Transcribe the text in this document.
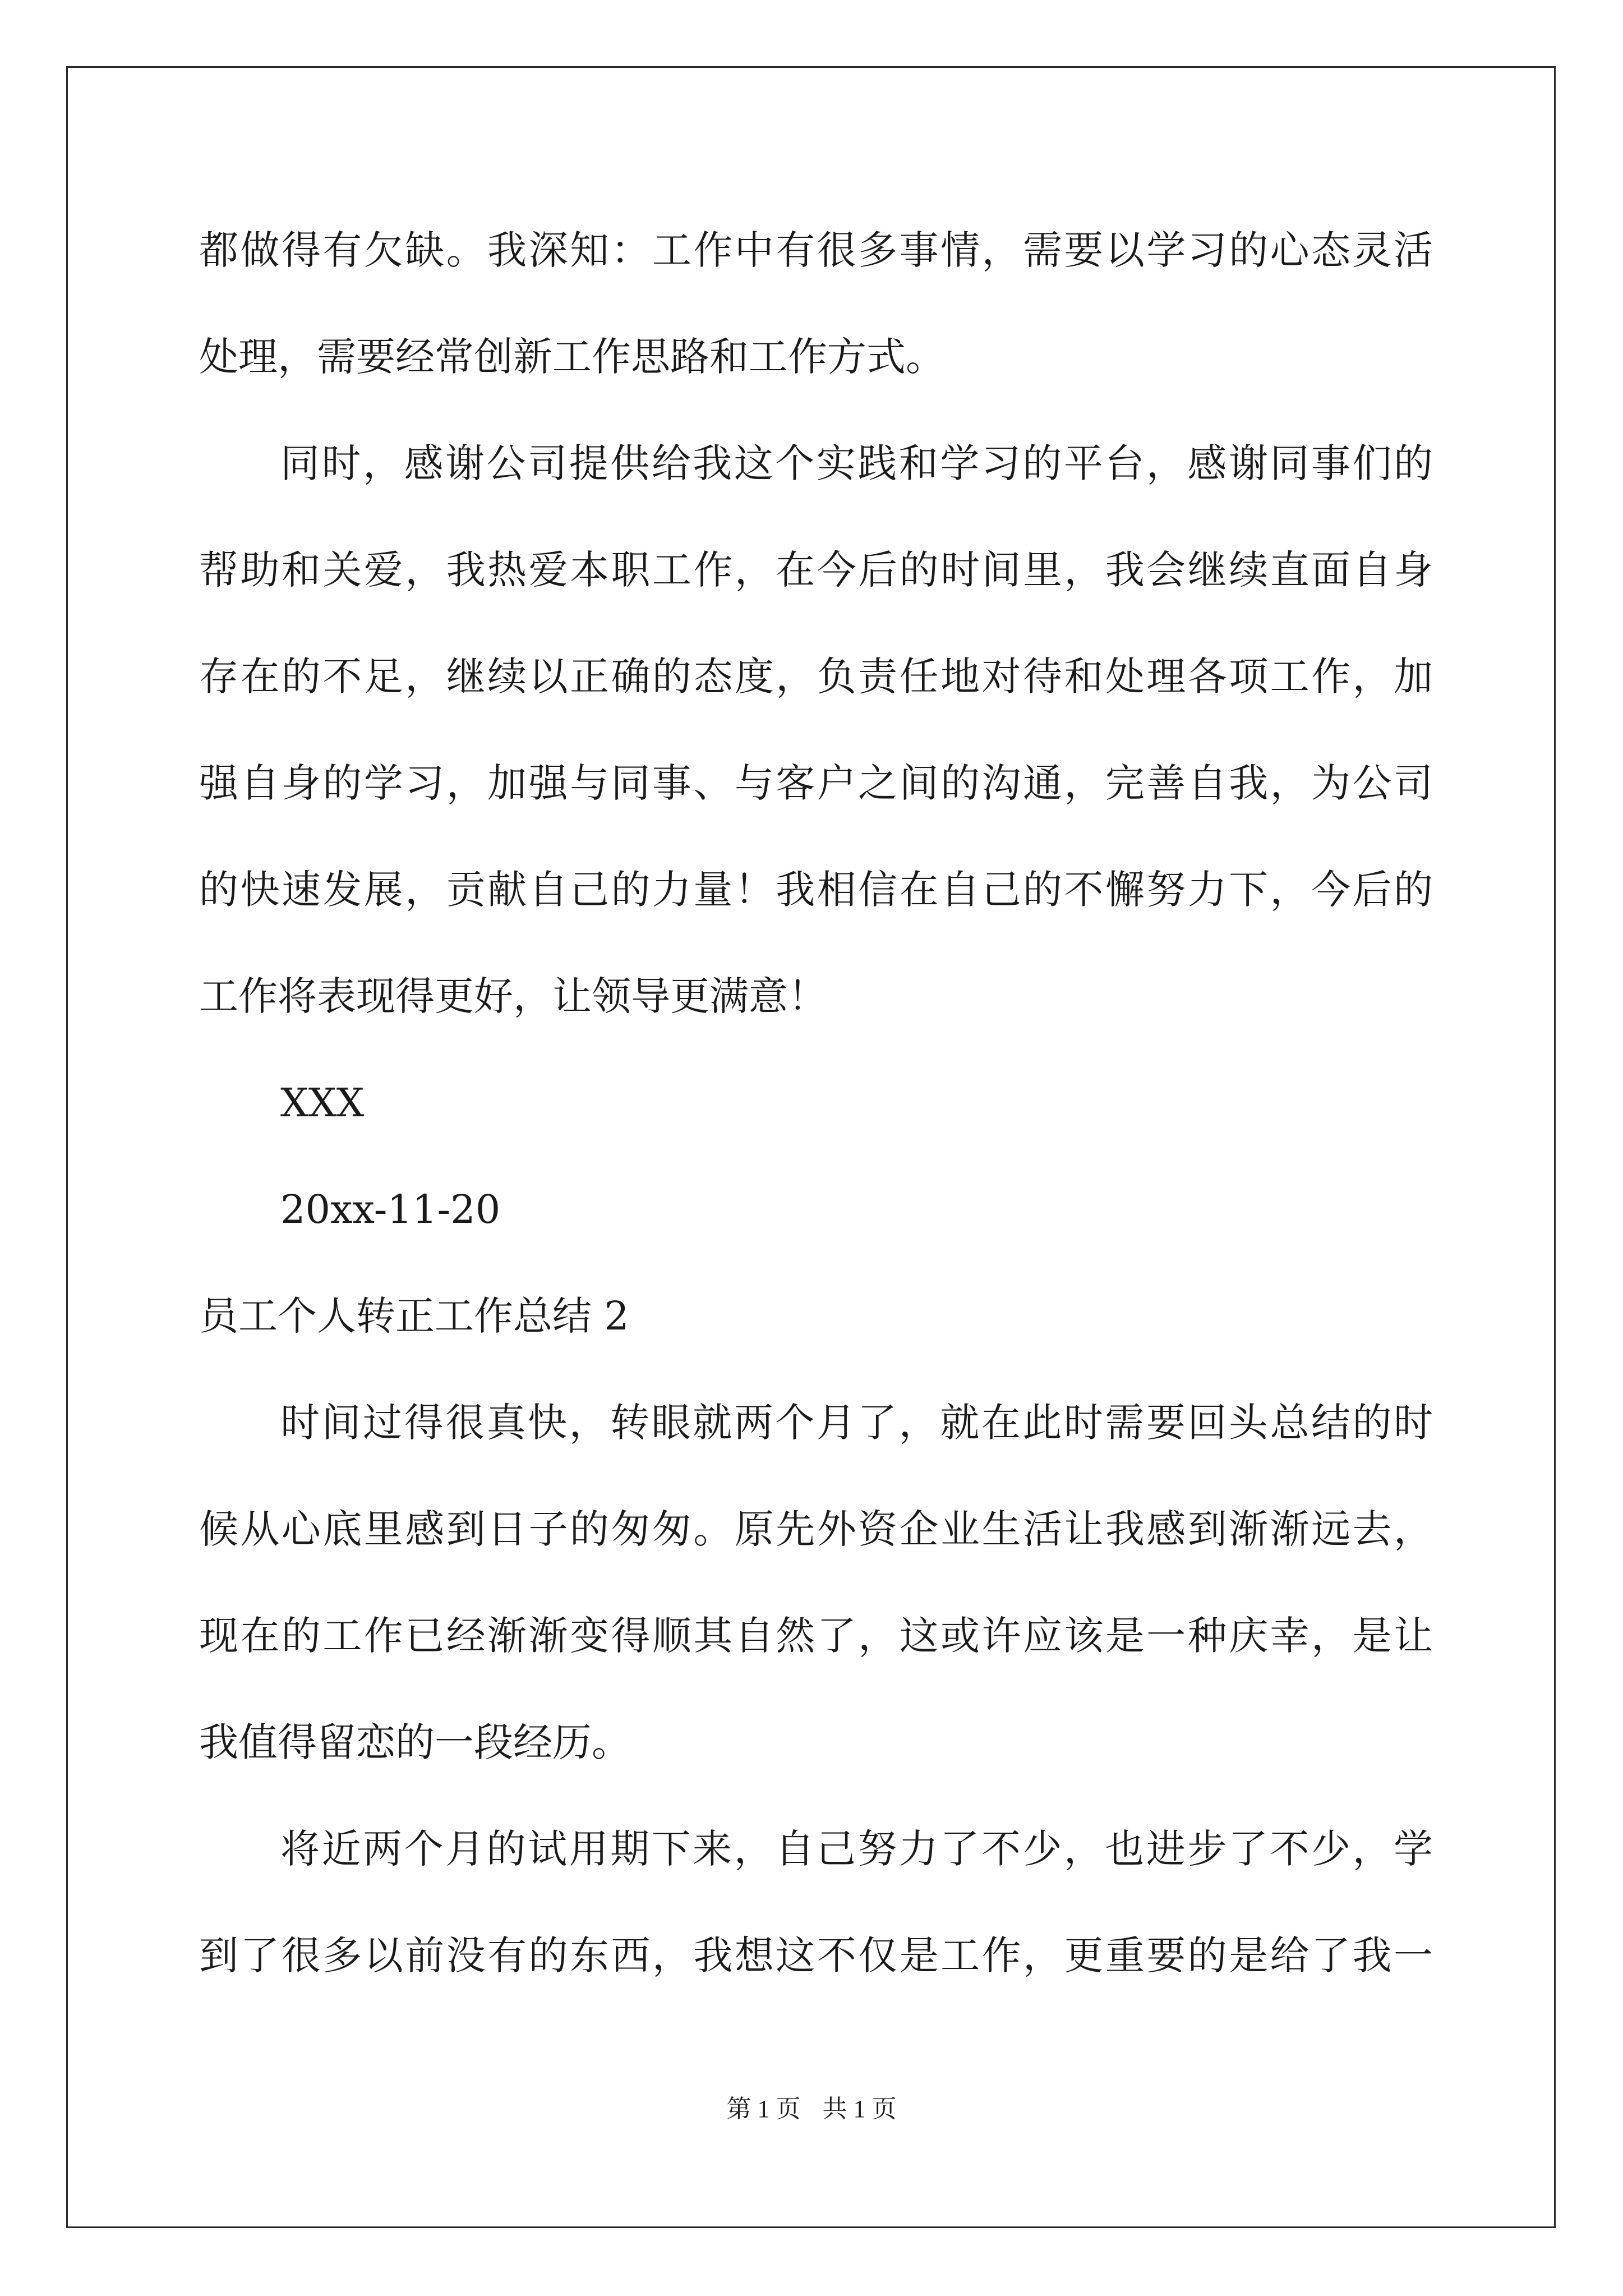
都做得有欠缺。我深知：工作中有很多事情，需要以学习的心态灵活
处理，需要经常创新工作思路和工作方式。
同时，感谢公司提供给我这个实践和学习的平台，感谢同事们的
帮助和关爱，我热爱本职工作，在今后的时间里，我会继续直面自身
存在的不足，继续以正确的态度，负责任地对待和处理各项工作，加
强自身的学习，加强与同事、与客户之间的沟通，完善自我，为公司
的快速发展，贡献自己的力量！我相信在自己的不懈努力下，今后的
工作将表现得更好，让领导更满意！
XXX
20xx-11-20
员工个人转正工作总结 2
时间过得很真快，转眼就两个月了，就在此时需要回头总结的时
候从心底里感到日子的匆匆。原先外资企业生活让我感到渐渐远去，
现在的工作已经渐渐变得顺其自然了，这或许应该是一种庆幸，是让
我值得留恋的一段经历。
将近两个月的试用期下来，自己努力了不少，也进步了不少，学
到了很多以前没有的东西，我想这不仅是工作，更重要的是给了我一
第 1 页 共 1 页
